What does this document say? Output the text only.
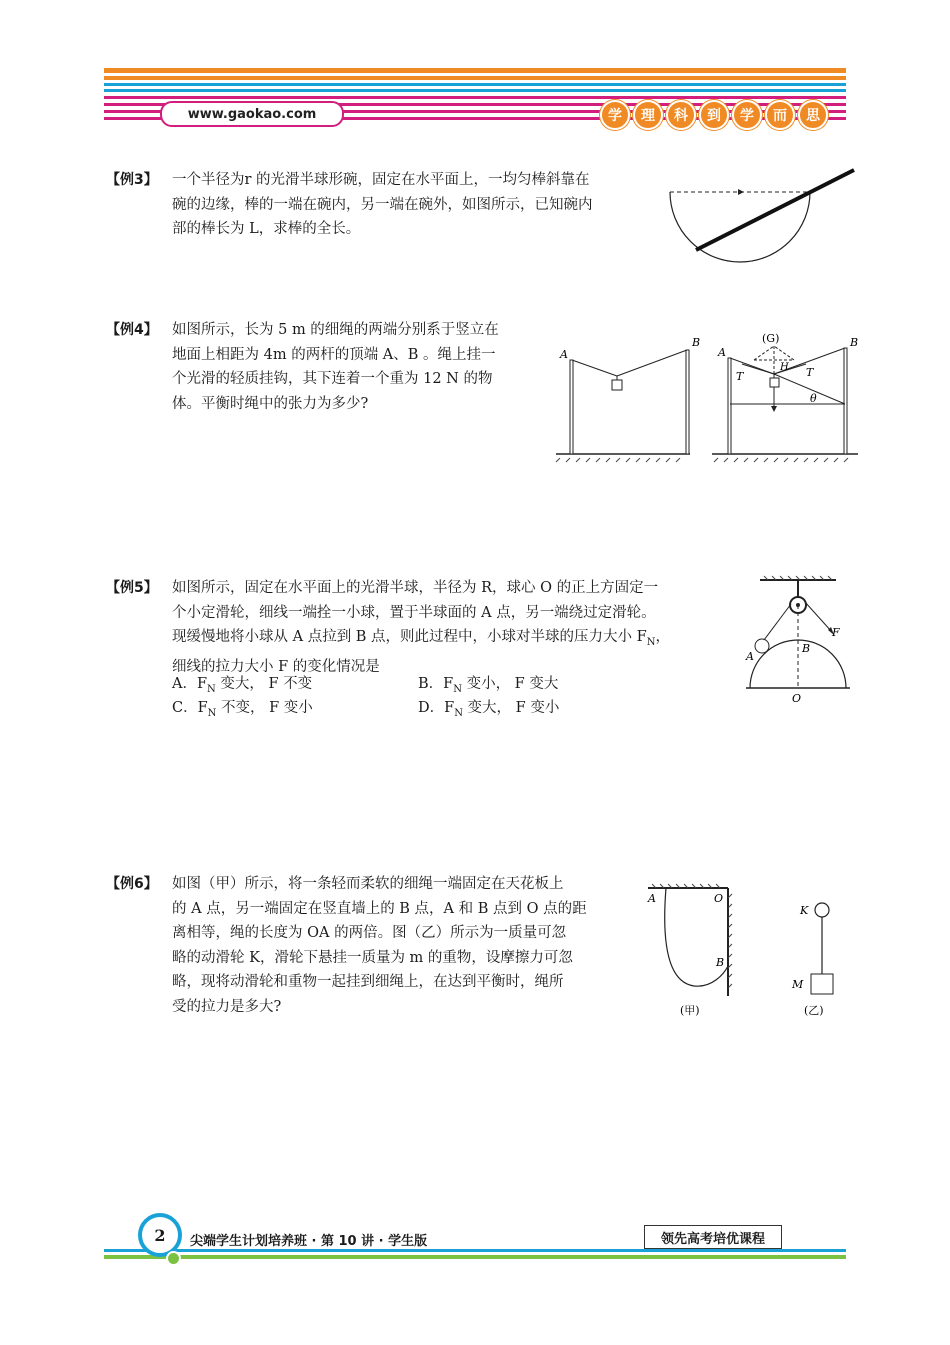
www.gaokao.com	学	理	科	到	学	而	思
【例3】 一个半径为r 的光滑半球形碗，固定在水平面上，一均匀棒斜靠在
碗的边缘，棒的一端在碗内，另一端在碗外，如图所示，已知碗内
部的棒长为 L，求棒的全长。
【例4】 如图所示，长为 5 m 的细绳的两端分别系于竖立在
地面上相距为 4m 的两杆的顶端 A、B 。绳上挂一
个光滑的轻质挂钩，其下连着一个重为 12 N 的物
体。平衡时绳中的张力为多少?
A
B
A
B
(G)
T	T
H
θ
【例5】 如图所示，固定在水平面上的光滑半球，半径为 R，球心 O 的正上方固定一
个小定滑轮，细线一端拴一小球，置于半球面的 A 点，另一端绕过定滑轮。
现缓慢地将小球从 A 点拉到 B 点，则此过程中，小球对半球的压力大小 $F_N$，
细线的拉力大小 F 的变化情况是
A．$F_N$ 变大， F 不变	B．$F_N$ 变小， F 变大
C．$F_N$ 不变， F 变小	D．$F_N$ 变大， F 变小
A
B
O
F
【例6】 如图（甲）所示，将一条轻而柔软的细绳一端固定在天花板上
的 A 点，另一端固定在竖直墙上的 B 点，A 和 B 点到 O 点的距
离相等，绳的长度为 OA 的两倍。图（乙）所示为一质量可忽
略的动滑轮 K，滑轮下悬挂一质量为 m 的重物，设摩擦力可忽
略，现将动滑轮和重物一起挂到细绳上，在达到平衡时，绳所
受的拉力是多大?
A	O
B
(甲)
K
M
(乙)
2 尖端学生计划培养班 · 第 10 讲 · 学生版	领先高考培优课程
